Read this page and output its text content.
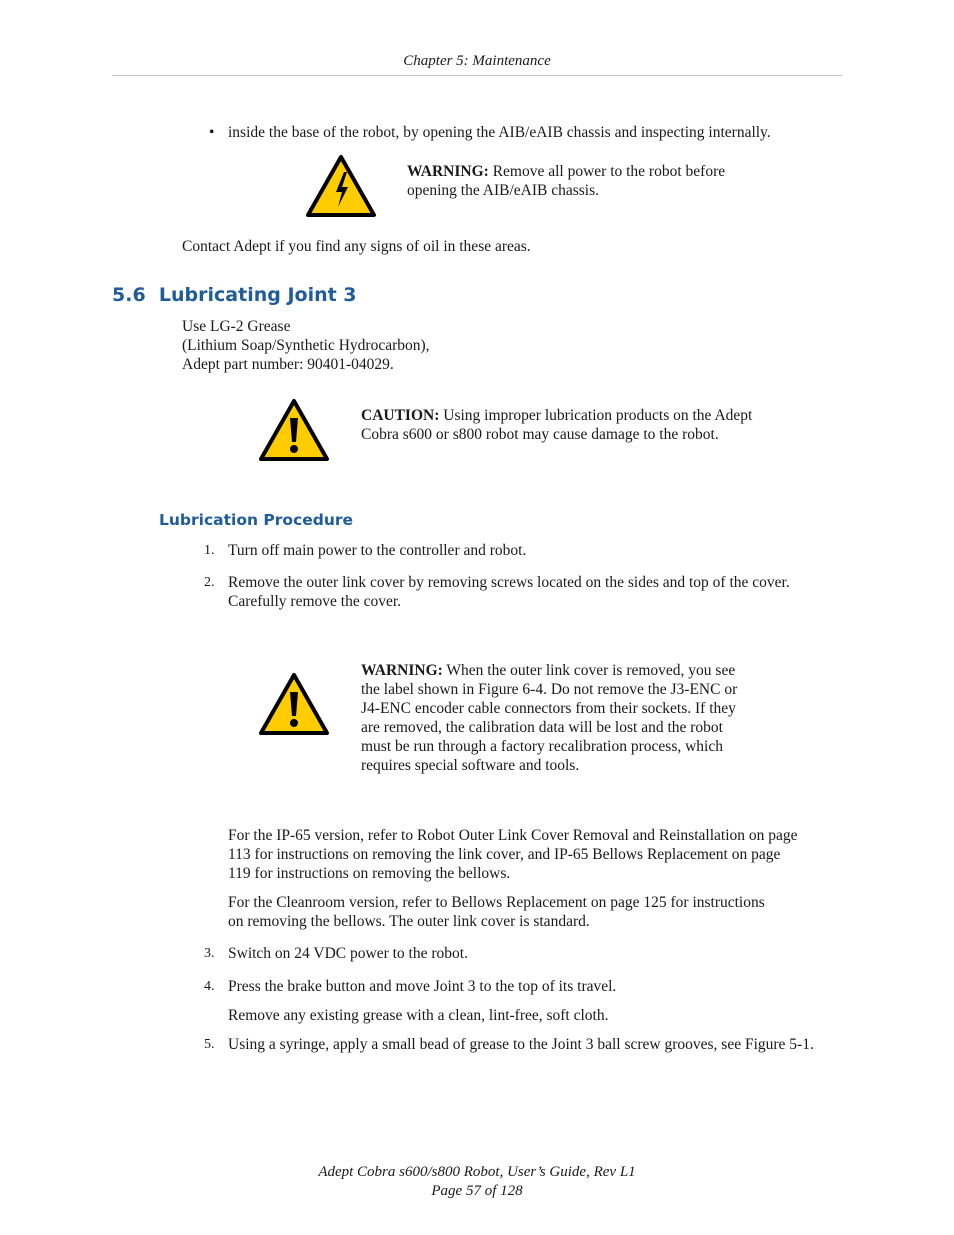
Chapter 5: Maintenance
• inside the base of the robot, by opening the AIB/eAIB chassis and inspecting internally.
WARNING: Remove all power to the robot before opening the AIB/eAIB chassis.
Contact Adept if you find any signs of oil in these areas.
5.6 Lubricating Joint 3
Use LG-2 Grease
(Lithium Soap/Synthetic Hydrocarbon),
Adept part number: 90401-04029.
CAUTION: Using improper lubrication products on the Adept Cobra s600 or s800 robot may cause damage to the robot.
Lubrication Procedure
1. Turn off main power to the controller and robot.
2. Remove the outer link cover by removing screws located on the sides and top of the cover. Carefully remove the cover.
WARNING: When the outer link cover is removed, you see the label shown in Figure 6-4. Do not remove the J3-ENC or J4-ENC encoder cable connectors from their sockets. If they are removed, the calibration data will be lost and the robot must be run through a factory recalibration process, which requires special software and tools.
For the IP-65 version, refer to Robot Outer Link Cover Removal and Reinstallation on page 113 for instructions on removing the link cover, and IP-65 Bellows Replacement on page 119 for instructions on removing the bellows.
For the Cleanroom version, refer to Bellows Replacement on page 125 for instructions on removing the bellows. The outer link cover is standard.
3. Switch on 24 VDC power to the robot.
4. Press the brake button and move Joint 3 to the top of its travel.
Remove any existing grease with a clean, lint-free, soft cloth.
5. Using a syringe, apply a small bead of grease to the Joint 3 ball screw grooves, see Figure 5-1.
Adept Cobra s600/s800 Robot, User’s Guide, Rev L1
Page 57 of 128
